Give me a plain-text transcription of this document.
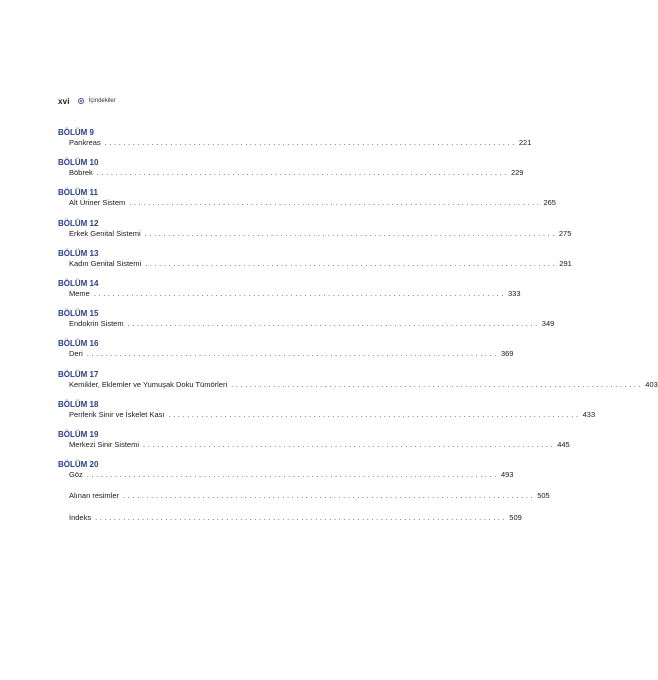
xvi	İçindekiler
BÖLÜM 9
Pankreas ........................................................................................ 221
BÖLÜM 10
Böbrek ........................................................................................ 229
BÖLÜM 11
Alt Üriner Sistem ........................................................................................ 265
BÖLÜM 12
Erkek Genital Sistemi ........................................................................................ 275
BÖLÜM 13
Kadın Genital Sistemi ........................................................................................ 291
BÖLÜM 14
Meme ........................................................................................ 333
BÖLÜM 15
Endokrin Sistem ........................................................................................ 349
BÖLÜM 16
Deri ........................................................................................ 369
BÖLÜM 17
Kemikler, Eklemler ve Yumuşak Doku Tümörleri ........................................................................................ 403
BÖLÜM 18
Periferik Sinir ve İskelet Kası ........................................................................................ 433
BÖLÜM 19
Merkezi Sinir Sistemi ........................................................................................ 445
BÖLÜM 20
Göz ........................................................................................ 493
Alınan resimler ........................................................................................ 505
İndeks ........................................................................................ 509
